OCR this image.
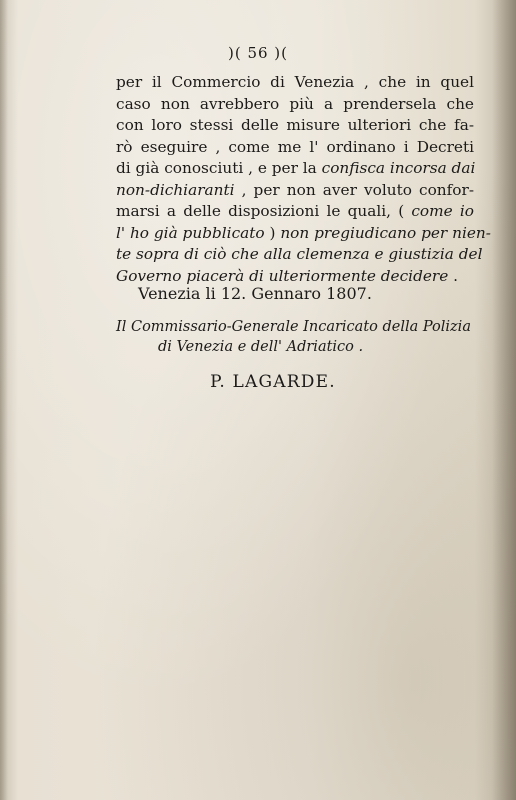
)( 56 )(
per il Commercio di Venezia , che in quel
caso non avrebbero più a prendersela che
con loro stessi delle misure ulteriori che fa-
rò eseguire , come me l' ordinano i Decreti
di già conosciuti , e per la confisca incorsa dai
non-dichiaranti , per non aver voluto confor-
marsi a delle disposizioni le quali, ( come io
l' ho già pubblicato ) non pregiudicano per nien-
te sopra di ciò che alla clemenza e giustizia del
Governo piacerà di ulteriormente decidere .
Venezia li 12. Gennaro 1807.
Il Commissario-Generale Incaricato della Polizia
di Venezia e dell' Adriatico .
P. LAGARDE.
